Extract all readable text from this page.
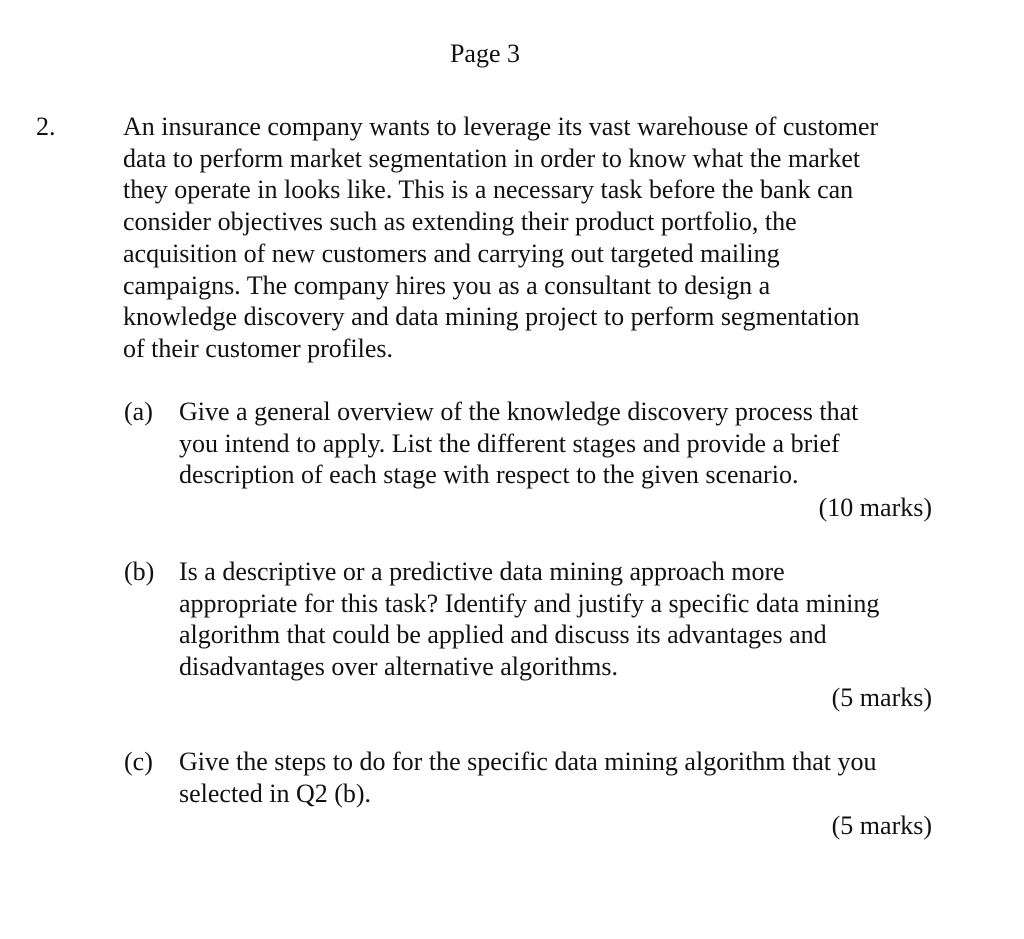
Page 3
2.	An insurance company wants to leverage its vast warehouse of customer
data to perform market segmentation in order to know what the market
they operate in looks like. This is a necessary task before the bank can
consider objectives such as extending their product portfolio, the
acquisition of new customers and carrying out targeted mailing
campaigns. The company hires you as a consultant to design a
knowledge discovery and data mining project to perform segmentation
of their customer profiles.
(a)	Give a general overview of the knowledge discovery process that
you intend to apply. List the different stages and provide a brief
description of each stage with respect to the given scenario.
(10 marks)
(b) Is a descriptive or a predictive data mining approach more
appropriate for this task? Identify and justify a specific data mining
algorithm that could be applied and discuss its advantages and
disadvantages over alternative algorithms.
(5 marks)
(c)	Give the steps to do for the specific data mining algorithm that you
selected in Q2 (b).
(5 marks)
